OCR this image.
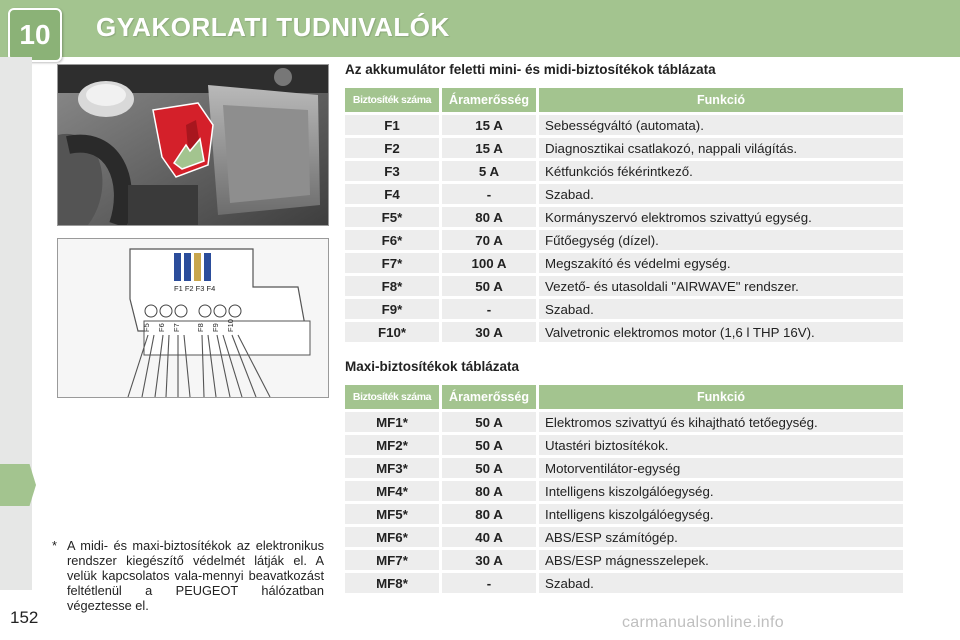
10	GYAKORLATI TUDNIVALÓK
152	carmanualsonline.info
F1 F2 F3 F4
F5 F6 F7 F8 F9 F10
* A midi- és maxi-biztosítékok az elektronikus rendszer kiegészítő védelmét látják el. A velük kapcsolatos vala-mennyi beavatkozást feltétlenül a PEUGEOT hálózatban végeztesse el.
Az akkumulátor feletti mini- és midi-biztosítékok táblázata
Biztosíték száma	Áramerősség	Funkció
F1	15 A	Sebességváltó (automata).
F2	15 A	Diagnosztikai csatlakozó, nappali világítás.
F3	5 A	Kétfunkciós fékérintkező.
F4	-	Szabad.
F5*	80 A	Kormányszervó elektromos szivattyú egység.
F6*	70 A	Fűtőegység (dízel).
F7*	100 A	Megszakító és védelmi egység.
F8*	50 A	Vezető- és utasoldali "AIRWAVE" rendszer.
F9*	-	Szabad.
F10*	30 A	Valvetronic elektromos motor (1,6 l THP 16V).
Maxi-biztosítékok táblázata
Biztosíték száma	Áramerősség	Funkció
MF1*	50 A	Elektromos szivattyú és kihajtható tetőegység.
MF2*	50 A	Utastéri biztosítékok.
MF3*	50 A	Motorventilátor-egység
MF4*	80 A	Intelligens kiszolgálóegység.
MF5*	80 A	Intelligens kiszolgálóegység.
MF6*	40 A	ABS/ESP számítógép.
MF7*	30 A	ABS/ESP mágnesszelepek.
MF8*	-	Szabad.
